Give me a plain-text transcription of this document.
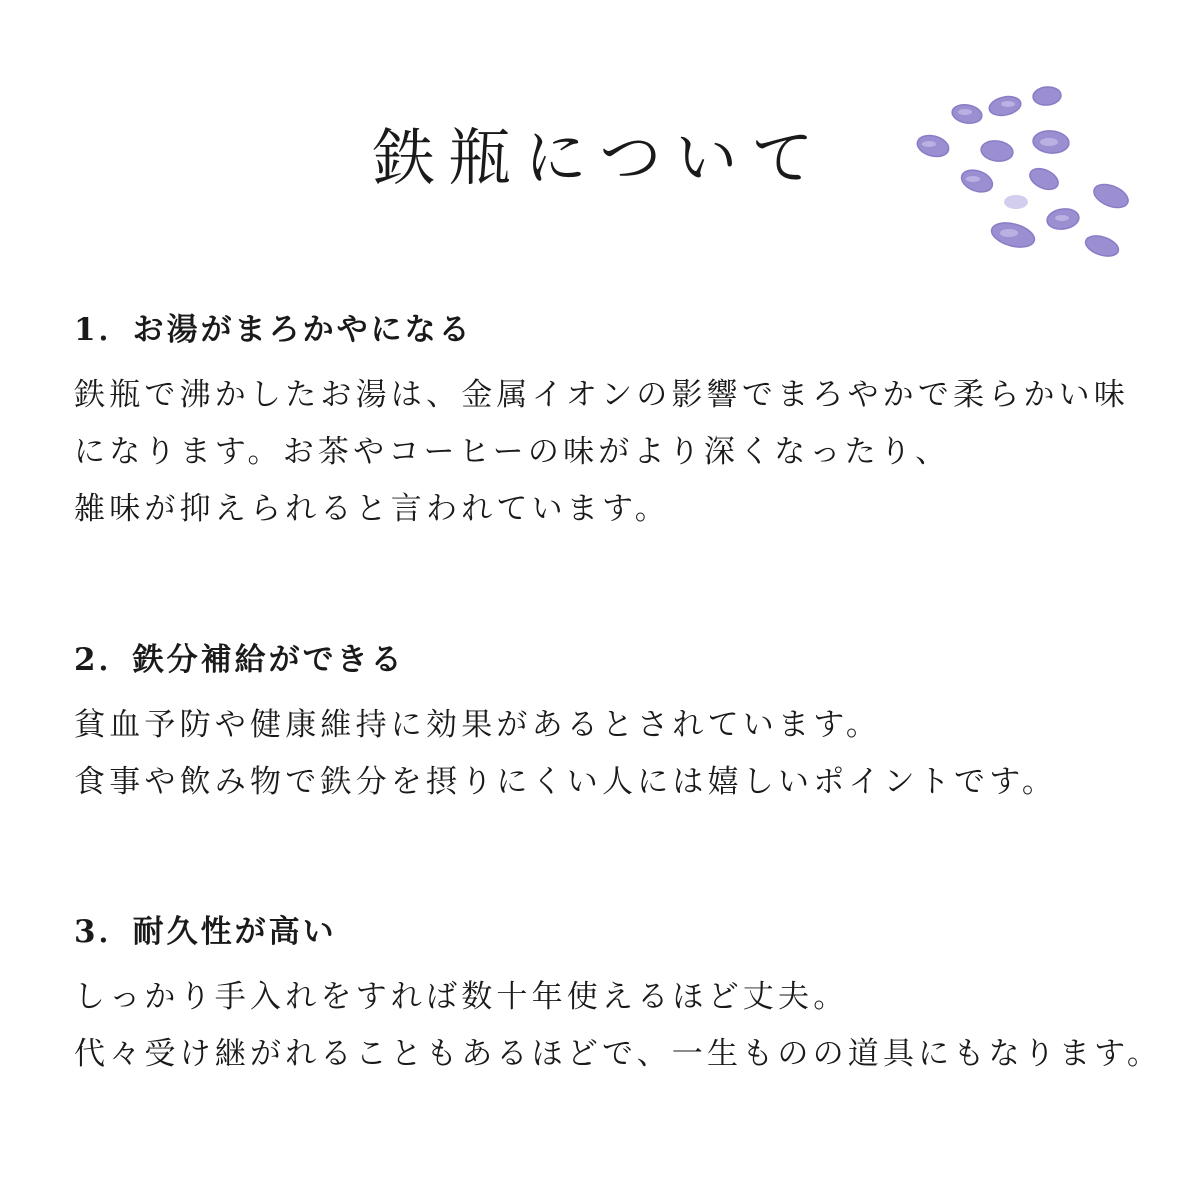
鉄瓶について
1．お湯がまろかやになる
鉄瓶で沸かしたお湯は、金属イオンの影響でまろやかで柔らかい味
になります。お茶やコーヒーの味がより深くなったり、
雑味が抑えられると言われています。
2．鉄分補給ができる
貧血予防や健康維持に効果があるとされています。
食事や飲み物で鉄分を摂りにくい人には嬉しいポイントです。
3．耐久性が高い
しっかり手入れをすれば数十年使えるほど丈夫。
代々受け継がれることもあるほどで、一生ものの道具にもなります。
